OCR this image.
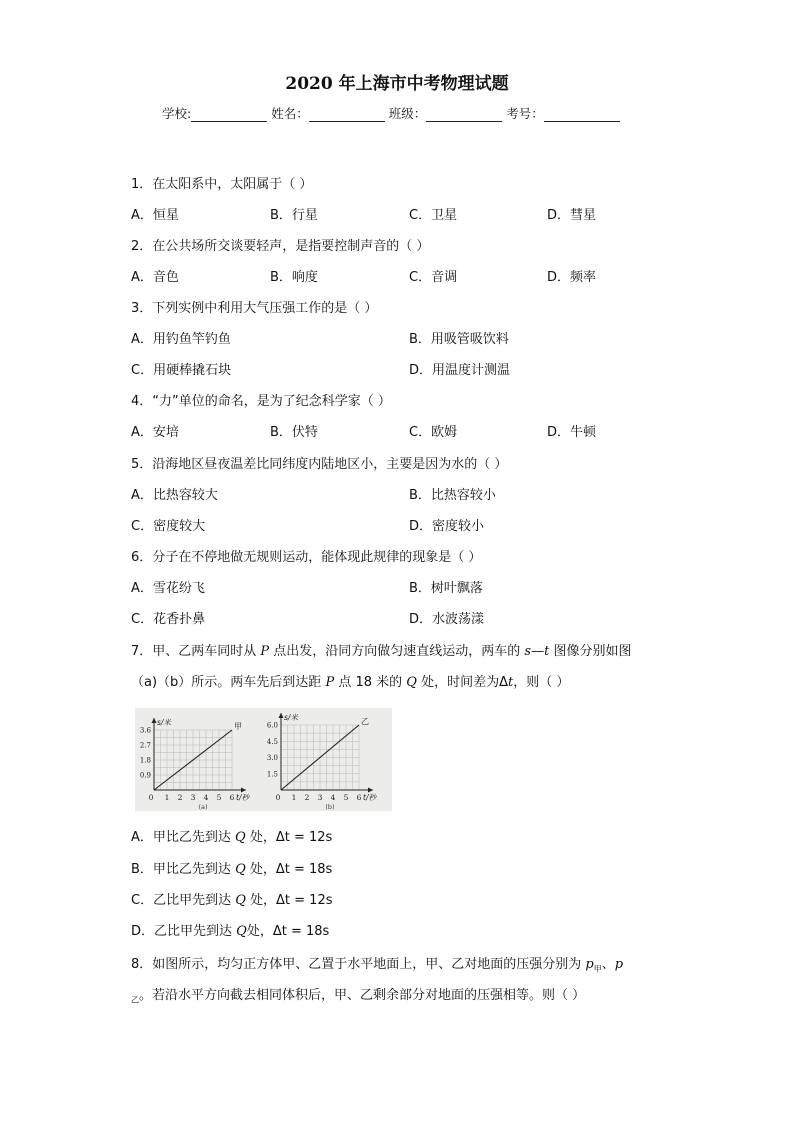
2020 年上海市中考物理试题
学校:	姓名：	班级：	考号：
1．在太阳系中，太阳属于（ ）
A．恒星	B．行星	C．卫星	D．彗星
2．在公共场所交谈要轻声，是指要控制声音的（ ）
A．音色	B．响度	C．音调	D．频率
3．下列实例中利用大气压强工作的是（ ）
A．用钓鱼竿钓鱼	B．用吸管吸饮料
C．用硬棒撬石块	D．用温度计测温
4．“力”单位的命名，是为了纪念科学家（ ）
A．安培	B．伏特	C．欧姆	D．牛顿
5．沿海地区昼夜温差比同纬度内陆地区小，主要是因为水的（ ）
A．比热容较大	B．比热容较小
C．密度较大	D．密度较小
6．分子在不停地做无规则运动，能体现此规律的现象是（ ）
A．雪花纷飞	B．树叶飘落
C．花香扑鼻	D．水波荡漾
7．甲、乙两车同时从 P 点出发，沿同方向做匀速直线运动，两车的 s—t 图像分别如图
（a)（b）所示。两车先后到达距 P 点 18 米的 Q 处，时间差为Δt，则（ ）
0 1 2 3 4 5 6
0.9
1.8
2.7
3.6
s/米
t/秒
甲
(a)
0 1 2 3 4 5 6
1.5
3.0
4.5
6.0
s/米
t/秒
乙
(b)
A．甲比乙先到达 Q 处，Δt = 12s
B．甲比乙先到达 Q 处，Δt = 18s
C．乙比甲先到达 Q 处，Δt = 12s
D．乙比甲先到达 Q处，Δt = 18s
8．如图所示，均匀正方体甲、乙置于水平地面上，甲、乙对地面的压强分别为 $p_甲$、p
$_乙$。若沿水平方向截去相同体积后，甲、乙剩余部分对地面的压强相等。则（ ）
